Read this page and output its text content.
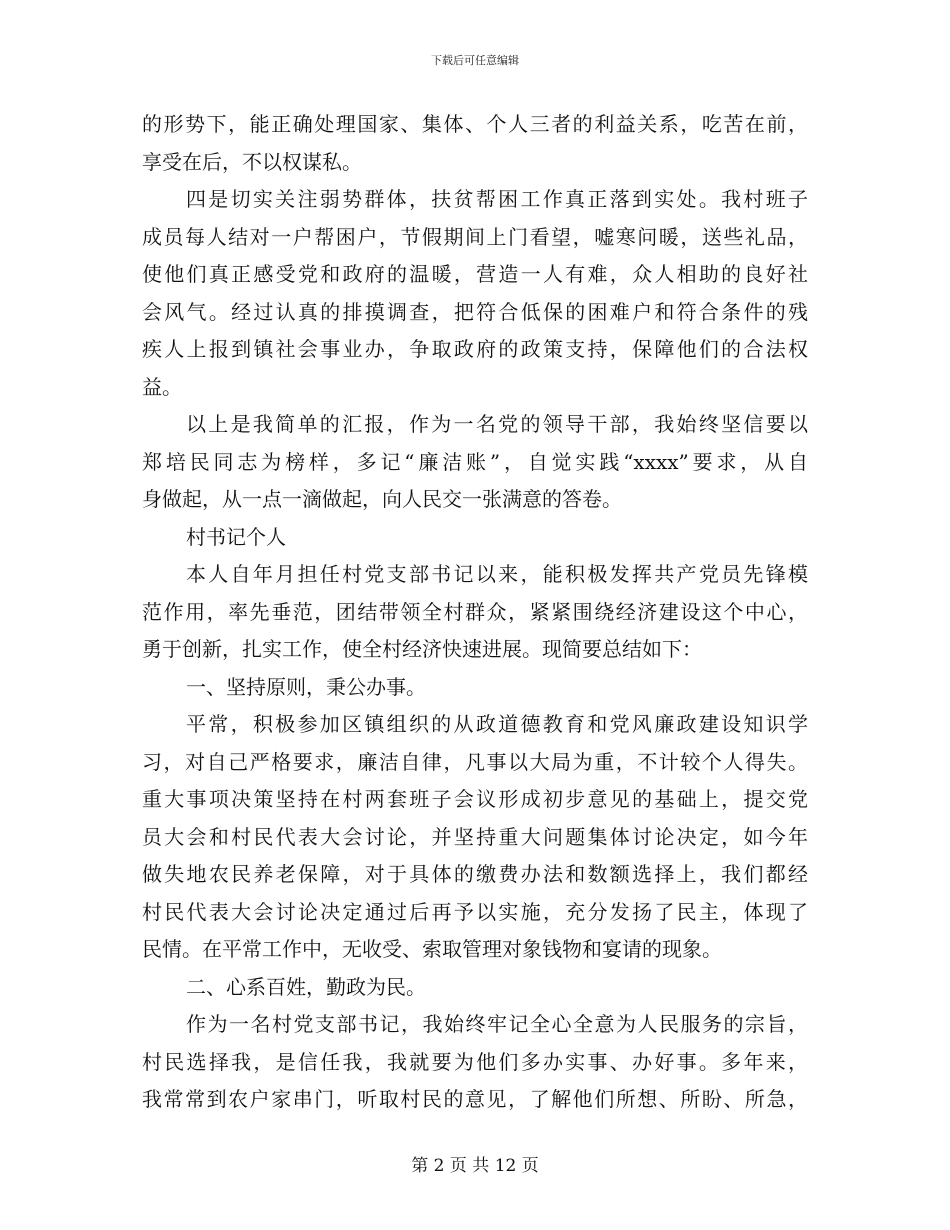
下载后可任意编辑
的形势下，能正确处理国家、集体、个人三者的利益关系，吃苦在前，
享受在后，不以权谋私。
四是切实关注弱势群体，扶贫帮困工作真正落到实处。我村班子
成员每人结对一户帮困户，节假期间上门看望，嘘寒问暖，送些礼品，
使他们真正感受党和政府的温暖，营造一人有难，众人相助的良好社
会风气。经过认真的排摸调查，把符合低保的困难户和符合条件的残
疾人上报到镇社会事业办，争取政府的政策支持，保障他们的合法权
益。
以上是我简单的汇报，作为一名党的领导干部，我始终坚信要以
郑培民同志为榜样，多记“廉洁账”，自觉实践“xxxx”要求，从自
身做起，从一点一滴做起，向人民交一张满意的答卷。
村书记个人
本人自年月担任村党支部书记以来，能积极发挥共产党员先锋模
范作用，率先垂范，团结带领全村群众，紧紧围绕经济建设这个中心，
勇于创新，扎实工作，使全村经济快速进展。现简要总结如下：
一、坚持原则，秉公办事。
平常，积极参加区镇组织的从政道德教育和党风廉政建设知识学
习，对自己严格要求，廉洁自律，凡事以大局为重，不计较个人得失。
重大事项决策坚持在村两套班子会议形成初步意见的基础上，提交党
员大会和村民代表大会讨论，并坚持重大问题集体讨论决定，如今年
做失地农民养老保障，对于具体的缴费办法和数额选择上，我们都经
村民代表大会讨论决定通过后再予以实施，充分发扬了民主，体现了
民情。在平常工作中，无收受、索取管理对象钱物和宴请的现象。
二、心系百姓，勤政为民。
作为一名村党支部书记，我始终牢记全心全意为人民服务的宗旨，
村民选择我，是信任我，我就要为他们多办实事、办好事。多年来，
我常常到农户家串门，听取村民的意见，了解他们所想、所盼、所急，
第 2 页 共 12 页
